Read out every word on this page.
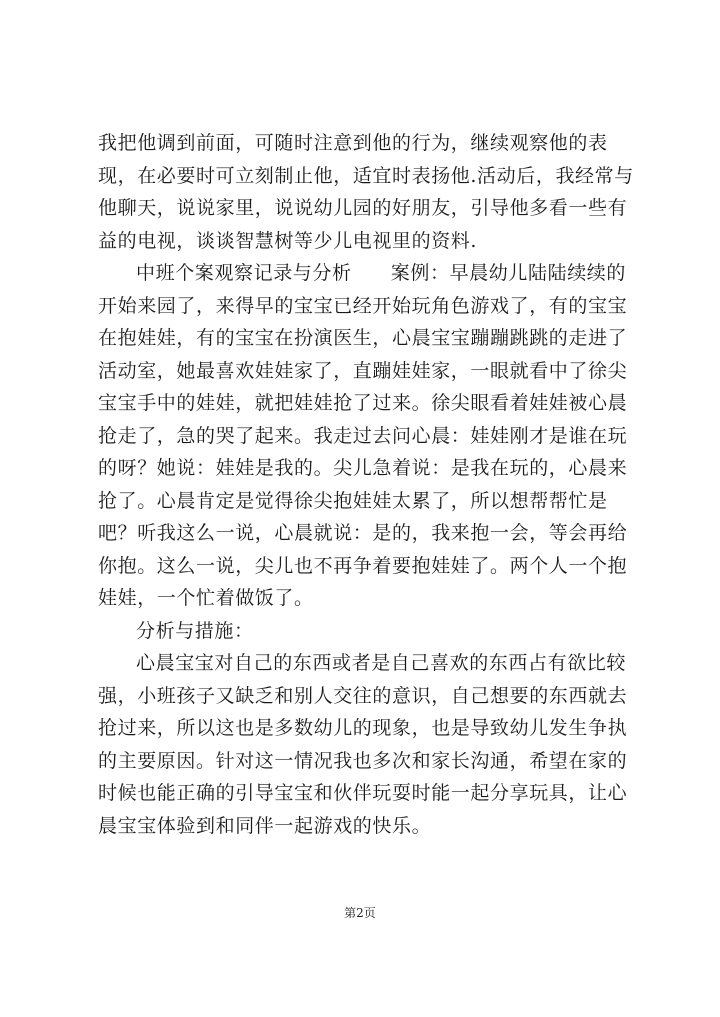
我把他调到前面，可随时注意到他的行为，继续观察他的表
现，在必要时可立刻制止他，适宜时表扬他.活动后，我经常与
他聊天，说说家里，说说幼儿园的好朋友，引导他多看一些有
益的电视，谈谈智慧树等少儿电视里的资料.
中班个案观察记录与分析　　案例：早晨幼儿陆陆续续的
开始来园了，来得早的宝宝已经开始玩角色游戏了，有的宝宝
在抱娃娃，有的宝宝在扮演医生，心晨宝宝蹦蹦跳跳的走进了
活动室，她最喜欢娃娃家了，直蹦娃娃家，一眼就看中了徐尖
宝宝手中的娃娃，就把娃娃抢了过来。徐尖眼看着娃娃被心晨
抢走了，急的哭了起来。我走过去问心晨：娃娃刚才是谁在玩
的呀？她说：娃娃是我的。尖儿急着说：是我在玩的，心晨来
抢了。心晨肯定是觉得徐尖抱娃娃太累了，所以想帮帮忙是
吧？听我这么一说，心晨就说：是的，我来抱一会，等会再给
你抱。这么一说，尖儿也不再争着要抱娃娃了。两个人一个抱
娃娃，一个忙着做饭了。
分析与措施：
心晨宝宝对自己的东西或者是自己喜欢的东西占有欲比较
强，小班孩子又缺乏和别人交往的意识，自己想要的东西就去
抢过来，所以这也是多数幼儿的现象，也是导致幼儿发生争执
的主要原因。针对这一情况我也多次和家长沟通，希望在家的
时候也能正确的引导宝宝和伙伴玩耍时能一起分享玩具，让心
晨宝宝体验到和同伴一起游戏的快乐。
第2页
